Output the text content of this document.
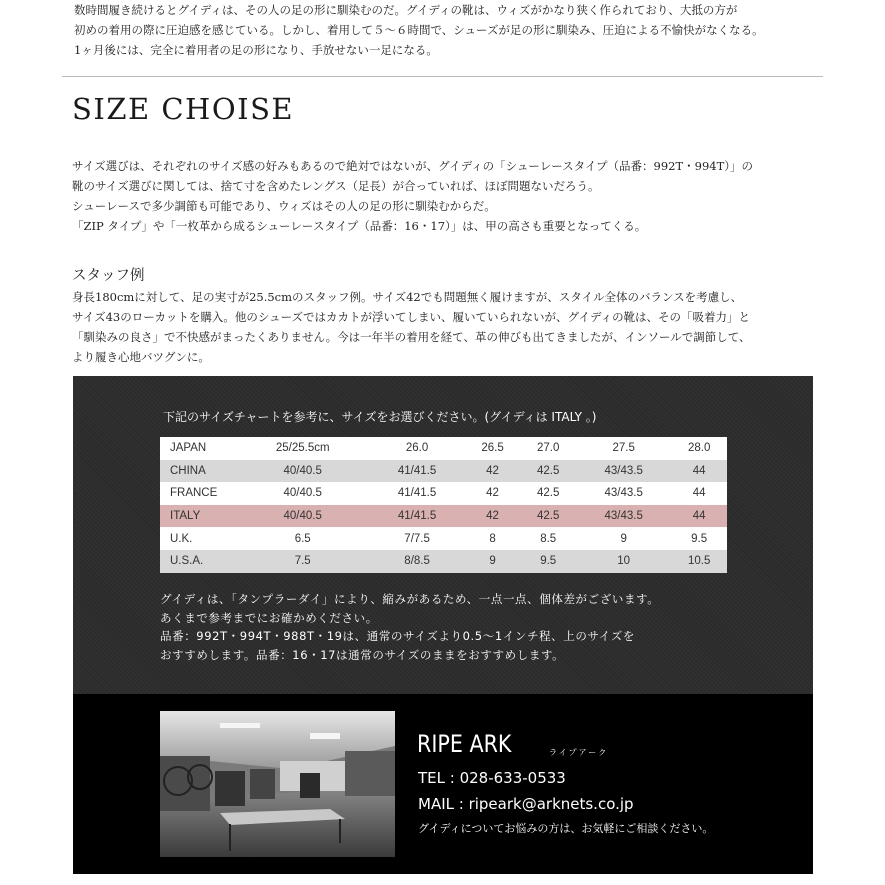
数時間履き続けるとグイディは、その人の足の形に馴染むのだ。グイディの靴は、ウィズがかなり狭く作られており、大抵の方が

初めの着用の際に圧迫感を感じている。しかし、着用して５～６時間で、シューズが足の形に馴染み、圧迫による不愉快がなくなる。

1ヶ月後には、完全に着用者の足の形になり、手放せない一足になる。

SIZE CHOISE

サイズ選びは、それぞれのサイズ感の好みもあるので絶対ではないが、グイディの「シューレースタイプ（品番：992T・994T）」の

靴のサイズ選びに関しては、捨て寸を含めたレングス（足長）が合っていれば、ほぼ問題ないだろう。

シューレースで多少調節も可能であり、ウィズはその人の足の形に馴染むからだ。

「ZIP タイプ」や「一枚革から成るシューレースタイプ（品番：16・17）」は、甲の高さも重要となってくる。

スタッフ例

身長180cmに対して、足の実寸が25.5cmのスタッフ例。サイズ42でも問題無く履けますが、スタイル全体のバランスを考慮し、

サイズ43のローカットを購入。他のシューズではカカトが浮いてしまい、履いていられないが、グイディの靴は、その「吸着力」と

「馴染みの良さ」で不快感がまったくありません。今は一年半の着用を経て、革の伸びも出てきましたが、インソールで調節して、

より履き心地バツグンに。

下記のサイズチャートを参考に、サイズをお選びください。(グイディは ITALY 。)

JAPAN	25/25.5cm	26.0	26.5	27.0	27.5	28.0
CHINA	40/40.5	41/41.5	42	42.5	43/43.5	44
FRANCE	40/40.5	41/41.5	42	42.5	43/43.5	44
ITALY	40/40.5	41/41.5	42	42.5	43/43.5	44
U.K.	6.5	7/7.5	8	8.5	9	9.5
U.S.A.	7.5	8/8.5	9	9.5	10	10.5

グイディは、「タンプラーダイ」により、縮みがあるため、一点一点、個体差がございます。

あくまで参考までにお確かめください。

品番：992T・994T・988T・19は、通常のサイズより0.5〜1インチ程、上のサイズを

おすすめします。品番：16・17は通常のサイズのままをおすすめします。

RIPE ARK	ライプアーク

TEL : 028-633-0533

MAIL : ripeark@arknets.co.jp

グイディについてお悩みの方は、お気軽にご相談ください。
